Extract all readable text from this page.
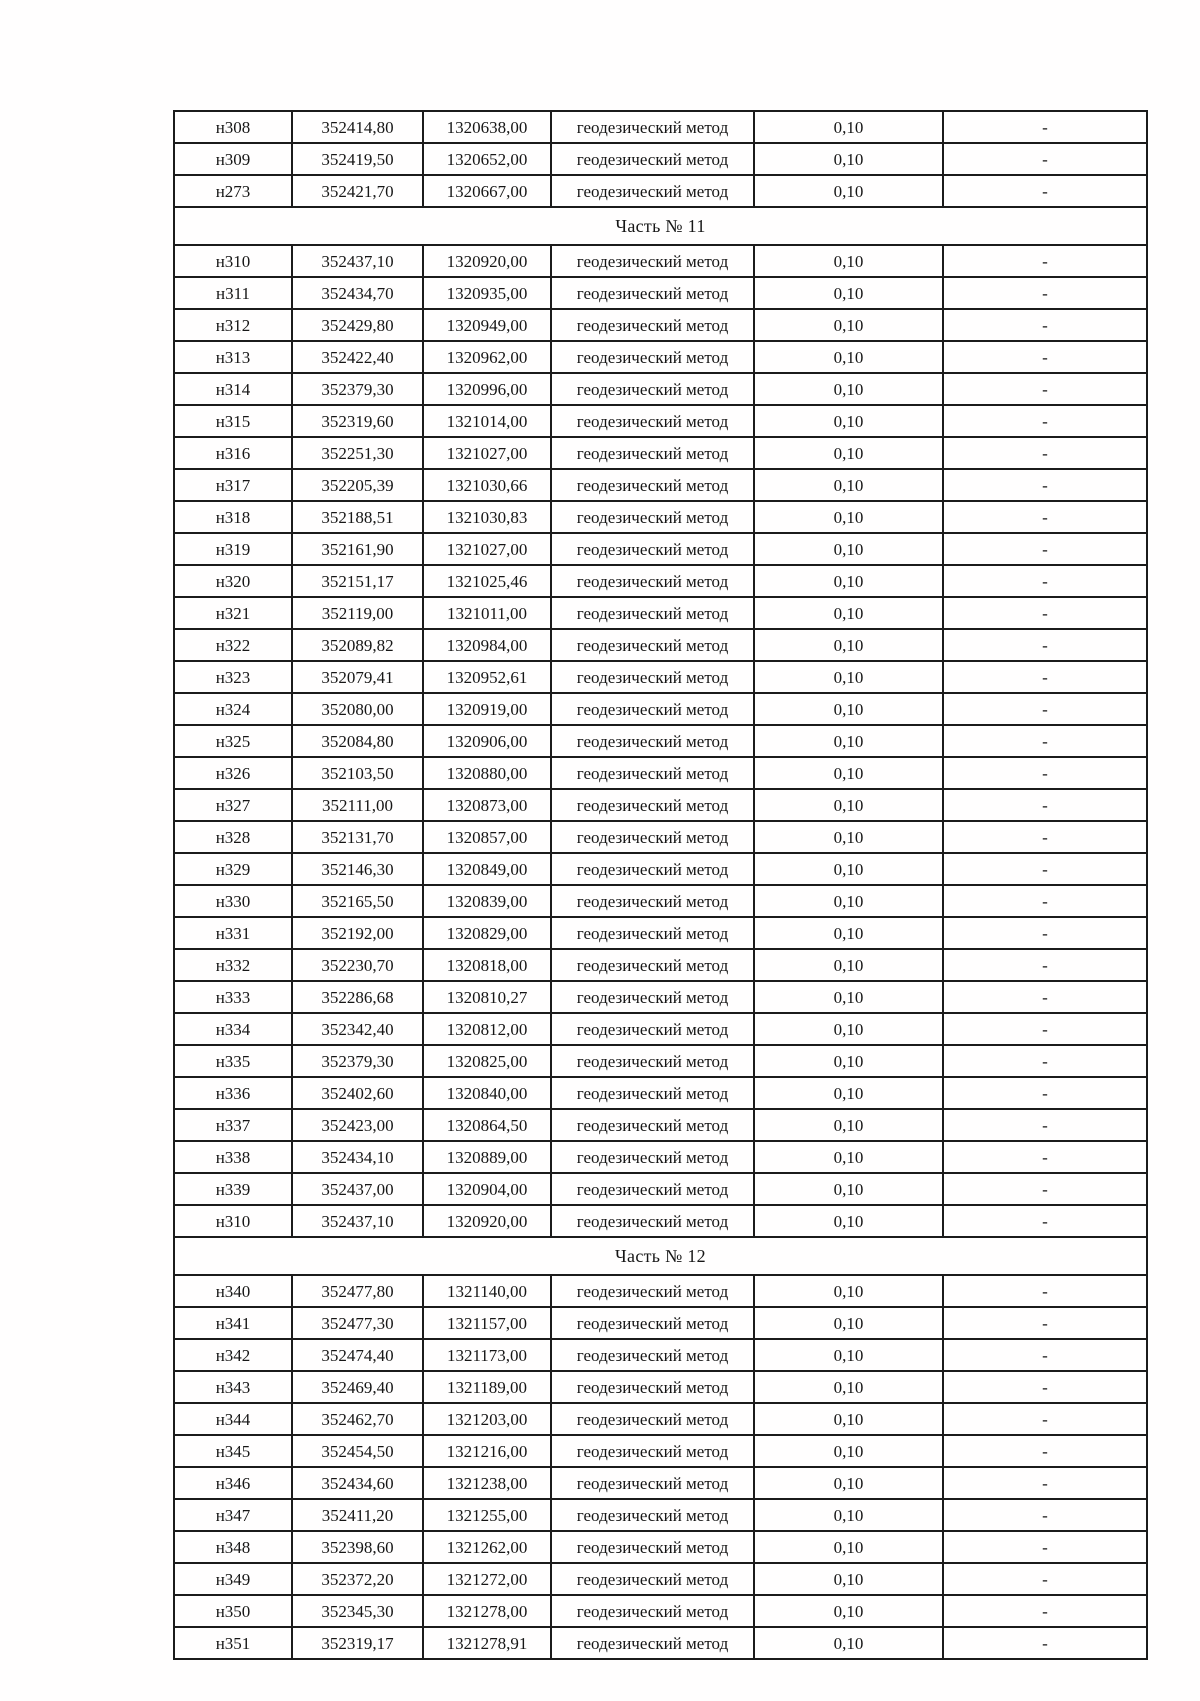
н308	352414,80	1320638,00	геодезический метод	0,10	-
н309	352419,50	1320652,00	геодезический метод	0,10	-
н273	352421,70	1320667,00	геодезический метод	0,10	-
Часть № 11					
н310	352437,10	1320920,00	геодезический метод	0,10	-
н311	352434,70	1320935,00	геодезический метод	0,10	-
н312	352429,80	1320949,00	геодезический метод	0,10	-
н313	352422,40	1320962,00	геодезический метод	0,10	-
н314	352379,30	1320996,00	геодезический метод	0,10	-
н315	352319,60	1321014,00	геодезический метод	0,10	-
н316	352251,30	1321027,00	геодезический метод	0,10	-
н317	352205,39	1321030,66	геодезический метод	0,10	-
н318	352188,51	1321030,83	геодезический метод	0,10	-
н319	352161,90	1321027,00	геодезический метод	0,10	-
н320	352151,17	1321025,46	геодезический метод	0,10	-
н321	352119,00	1321011,00	геодезический метод	0,10	-
н322	352089,82	1320984,00	геодезический метод	0,10	-
н323	352079,41	1320952,61	геодезический метод	0,10	-
н324	352080,00	1320919,00	геодезический метод	0,10	-
н325	352084,80	1320906,00	геодезический метод	0,10	-
н326	352103,50	1320880,00	геодезический метод	0,10	-
н327	352111,00	1320873,00	геодезический метод	0,10	-
н328	352131,70	1320857,00	геодезический метод	0,10	-
н329	352146,30	1320849,00	геодезический метод	0,10	-
н330	352165,50	1320839,00	геодезический метод	0,10	-
н331	352192,00	1320829,00	геодезический метод	0,10	-
н332	352230,70	1320818,00	геодезический метод	0,10	-
н333	352286,68	1320810,27	геодезический метод	0,10	-
н334	352342,40	1320812,00	геодезический метод	0,10	-
н335	352379,30	1320825,00	геодезический метод	0,10	-
н336	352402,60	1320840,00	геодезический метод	0,10	-
н337	352423,00	1320864,50	геодезический метод	0,10	-
н338	352434,10	1320889,00	геодезический метод	0,10	-
н339	352437,00	1320904,00	геодезический метод	0,10	-
н310	352437,10	1320920,00	геодезический метод	0,10	-
Часть № 12					
н340	352477,80	1321140,00	геодезический метод	0,10	-
н341	352477,30	1321157,00	геодезический метод	0,10	-
н342	352474,40	1321173,00	геодезический метод	0,10	-
н343	352469,40	1321189,00	геодезический метод	0,10	-
н344	352462,70	1321203,00	геодезический метод	0,10	-
н345	352454,50	1321216,00	геодезический метод	0,10	-
н346	352434,60	1321238,00	геодезический метод	0,10	-
н347	352411,20	1321255,00	геодезический метод	0,10	-
н348	352398,60	1321262,00	геодезический метод	0,10	-
н349	352372,20	1321272,00	геодезический метод	0,10	-
н350	352345,30	1321278,00	геодезический метод	0,10	-
н351	352319,17	1321278,91	геодезический метод	0,10	-
